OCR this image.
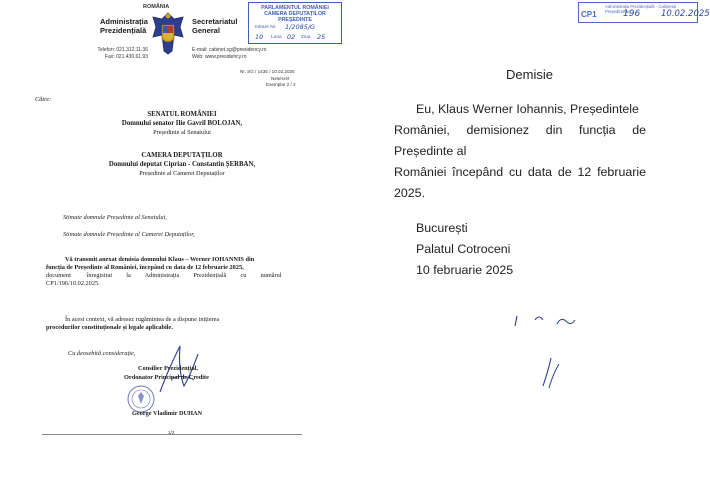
ROMÂNIA
Administrația
Prezidențială
Secretariatul
General
Telefon: 021.312.11.36
Fax: 021.430.61.93
E-mail: cabinet.sg@presidency.ro
Web: www.presidency.ro
PARLAMENTUL ROMÂNIEI
CAMERA DEPUTAȚILOR
PREȘEDINTE
Intrare Nr. 1/2085/G
10 Luna 02 Ziua 25
Nr. SG / 1435 / 10.02.2025
Nesecret
Exemplar 2 / 2
Către:
SENATUL ROMÂNIEI
Domnului senator Ilie Gavril BOLOJAN,
Președinte al Senatului
CAMERA DEPUTAȚILOR
Domnului deputat Ciprian - Constantin ȘERBAN,
Președinte al Camerei Deputaților
Stimate domnule Președinte al Senatului,
Stimate domnule Președinte al Camerei Deputaților,
Vă transmit anexat demisia domnului Klaus – Werner IOHANNIS din
funcția de Președinte al României, începând cu data de 12 februarie 2025,
document          înregistrat         la         Administrația         Prezidențială         cu         numărul
CP1/196/10.02.2025.
În acest context, vă adresez rugămintea de a dispune inițierea
procedurilor constituționale și legale aplicabile.
Cu deosebită considerație,
Consilier Prezidențial,
Ordonator Principal de Credite
George Vladimir DUHAN
1/2
Administrația Prezidențială - Cabinetul Președintelui
CP1	196 10.02.2025
Demisie
Eu, Klaus Werner Iohannis, Președintele
României, demisionez din funcția de Președinte al
României începând cu data de 12 februarie 2025.
București
Palatul Cotroceni
10 februarie 2025
